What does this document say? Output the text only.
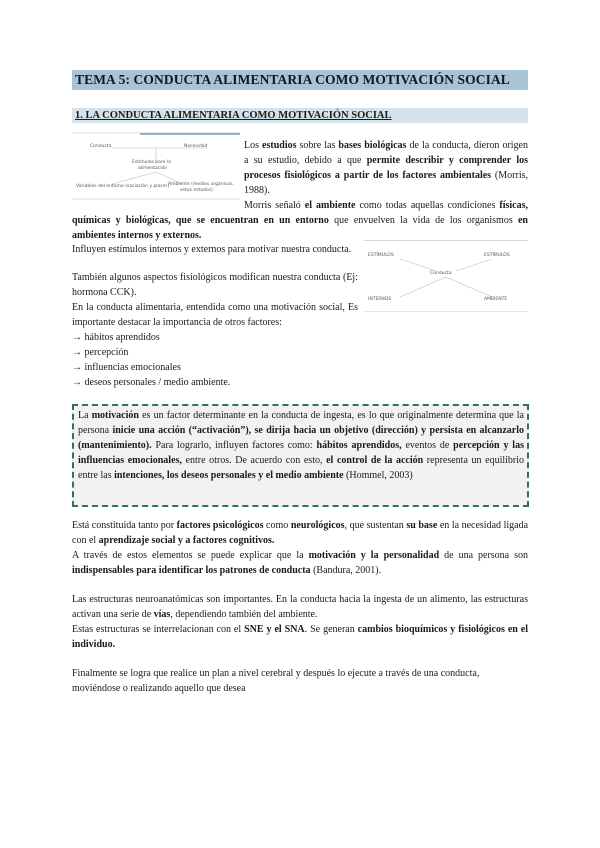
TEMA 5: CONDUCTA ALIMENTARIA COMO MOTIVACIÓN SOCIAL
1. LA CONDUCTA ALIMENTARIA COMO MOTIVACIÓN SOCIAL
Conducta	Necesidad
Estímulos para la
alimentación
Variables del entorno (saciación y placer)
Ambiente (medios orgánicos,
estos estados)
Los estudios sobre las bases biológicas de la conducta, dieron origen a su estudio, debido a que permite describir y comprender los procesos fisiológicos a partir de los factores ambientales (Morris, 1988).
Morris señaló el ambiente como todas aquellas condiciones físicas, químicas y biológicas, que se encuentran en un entorno que envuelven la vida de los organismos en ambientes internos y externos.
Influyen estímulos internos y externos para motivar nuestra conducta.
También algunos aspectos fisiológicos modifican nuestra conducta (Ej: hormona CCK).
En la conducta alimentaria, entendida como una motivación social, Es importante destacar la importancia de otros factores:
→ hábitos aprendidos
→ percepción
→ influencias emocionales
→ deseos personales / medio ambiente.
ESTÍMULOS	ESTÍMULOS
Conducta
INTERNOS	AMBIENTE
La motivación es un factor determinante en la conducta de ingesta, es lo que originalmente determina que la persona inicie una acción (“activación”), se dirija hacia un objetivo (dirección) y persista en alcanzarlo (mantenimiento). Para lograrlo, influyen factores como: hábitos aprendidos, eventos de percepción y las influencias emocionales, entre otros. De acuerdo con esto, el control de la acción representa un equilibrio entre las intenciones, los deseos personales y el medio ambiente (Hommel, 2003)
Está constituida tanto por factores psicológicos como neurológicos, que sustentan su base en la necesidad ligada con el aprendizaje social y a factores cognitivos.
A través de estos elementos se puede explicar que la motivación y la personalidad de una persona son indispensables para identificar los patrones de conducta (Bandura, 2001).
Las estructuras neuroanatómicas son importantes. En la conducta hacia la ingesta de un alimento, las estructuras activan una serie de vías, dependiendo también del ambiente.
Estas estructuras se interrelacionan con el SNE y el SNA. Se generan cambios bioquímicos y fisiológicos en el individuo.
Finalmente se logra que realice un plan a nivel cerebral y después lo ejecute a través de una conducta, moviéndose o realizando aquello que desea
